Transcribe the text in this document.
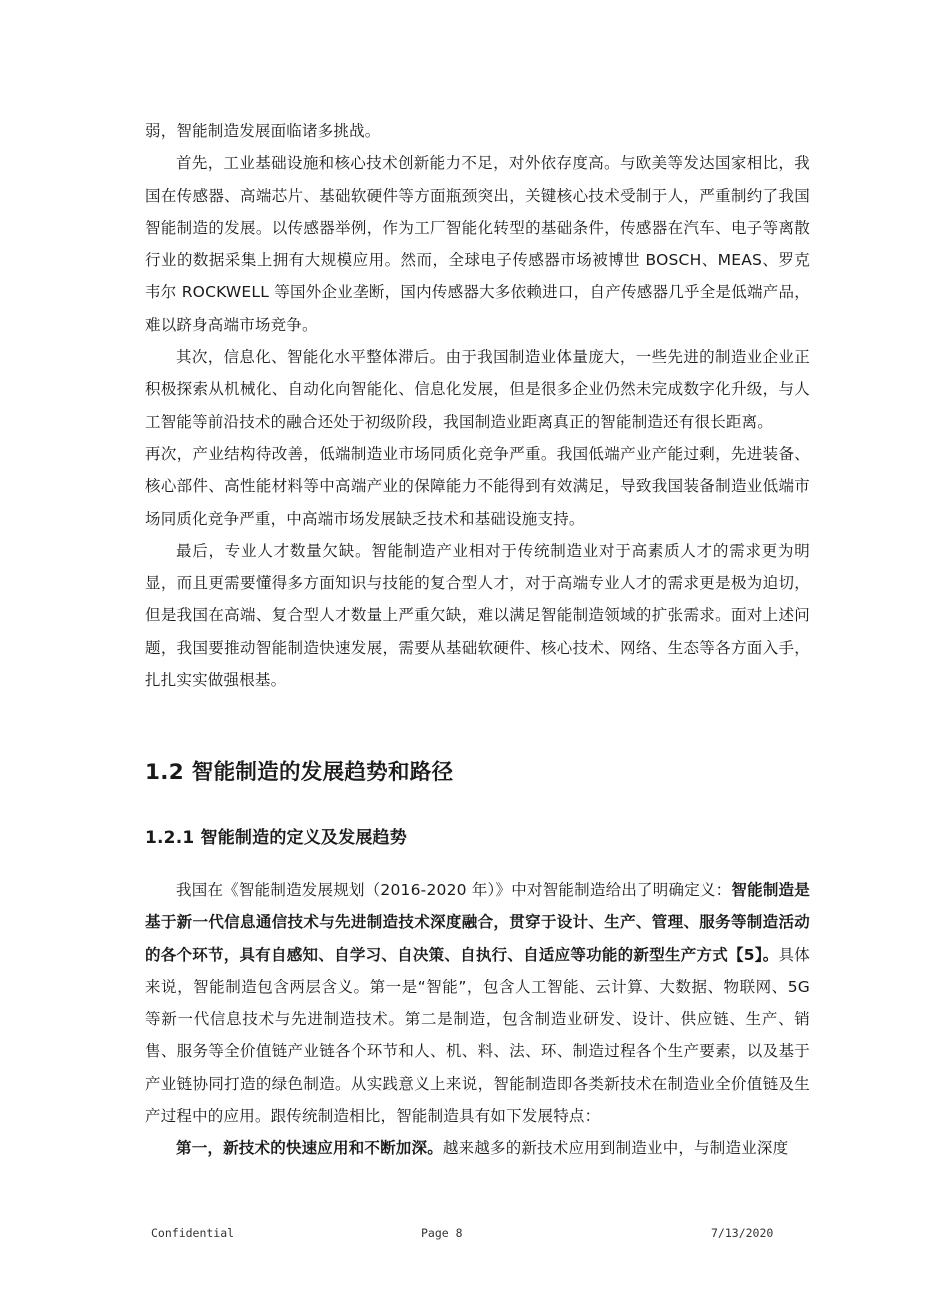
弱，智能制造发展面临诸多挑战。

首先，工业基础设施和核心技术创新能力不足，对外依存度高。与欧美等发达国家相比，我国在传感器、高端芯片、基础软硬件等方面瓶颈突出，关键核心技术受制于人，严重制约了我国智能制造的发展。以传感器举例，作为工厂智能化转型的基础条件，传感器在汽车、电子等离散行业的数据采集上拥有大规模应用。然而，全球电子传感器市场被博世 BOSCH、MEAS、罗克韦尔 ROCKWELL 等国外企业垄断，国内传感器大多依赖进口，自产传感器几乎全是低端产品，难以跻身高端市场竞争。

其次，信息化、智能化水平整体滞后。由于我国制造业体量庞大，一些先进的制造业企业正积极探索从机械化、自动化向智能化、信息化发展，但是很多企业仍然未完成数字化升级，与人工智能等前沿技术的融合还处于初级阶段，我国制造业距离真正的智能制造还有很长距离。

再次，产业结构待改善，低端制造业市场同质化竞争严重。我国低端产业产能过剩，先进装备、核心部件、高性能材料等中高端产业的保障能力不能得到有效满足，导致我国装备制造业低端市场同质化竞争严重，中高端市场发展缺乏技术和基础设施支持。

最后，专业人才数量欠缺。智能制造产业相对于传统制造业对于高素质人才的需求更为明显，而且更需要懂得多方面知识与技能的复合型人才，对于高端专业人才的需求更是极为迫切，但是我国在高端、复合型人才数量上严重欠缺，难以满足智能制造领域的扩张需求。面对上述问题，我国要推动智能制造快速发展，需要从基础软硬件、核心技术、网络、生态等各方面入手，扎扎实实做强根基。

1.2 智能制造的发展趋势和路径
1.2.1 智能制造的定义及发展趋势

我国在《智能制造发展规划（2016-2020 年）》中对智能制造给出了明确定义：智能制造是基于新一代信息通信技术与先进制造技术深度融合，贯穿于设计、生产、管理、服务等制造活动的各个环节，具有自感知、自学习、自决策、自执行、自适应等功能的新型生产方式【5】。具体来说，智能制造包含两层含义。第一是“智能”，包含人工智能、云计算、大数据、物联网、5G 等新一代信息技术与先进制造技术。第二是制造，包含制造业研发、设计、供应链、生产、销售、服务等全价值链产业链各个环节和人、机、料、法、环、制造过程各个生产要素，以及基于产业链协同打造的绿色制造。从实践意义上来说，智能制造即各类新技术在制造业全价值链及生产过程中的应用。跟传统制造相比，智能制造具有如下发展特点：

第一，新技术的快速应用和不断加深。越来越多的新技术应用到制造业中，与制造业深度

Confidential	Page 8	7/13/2020
